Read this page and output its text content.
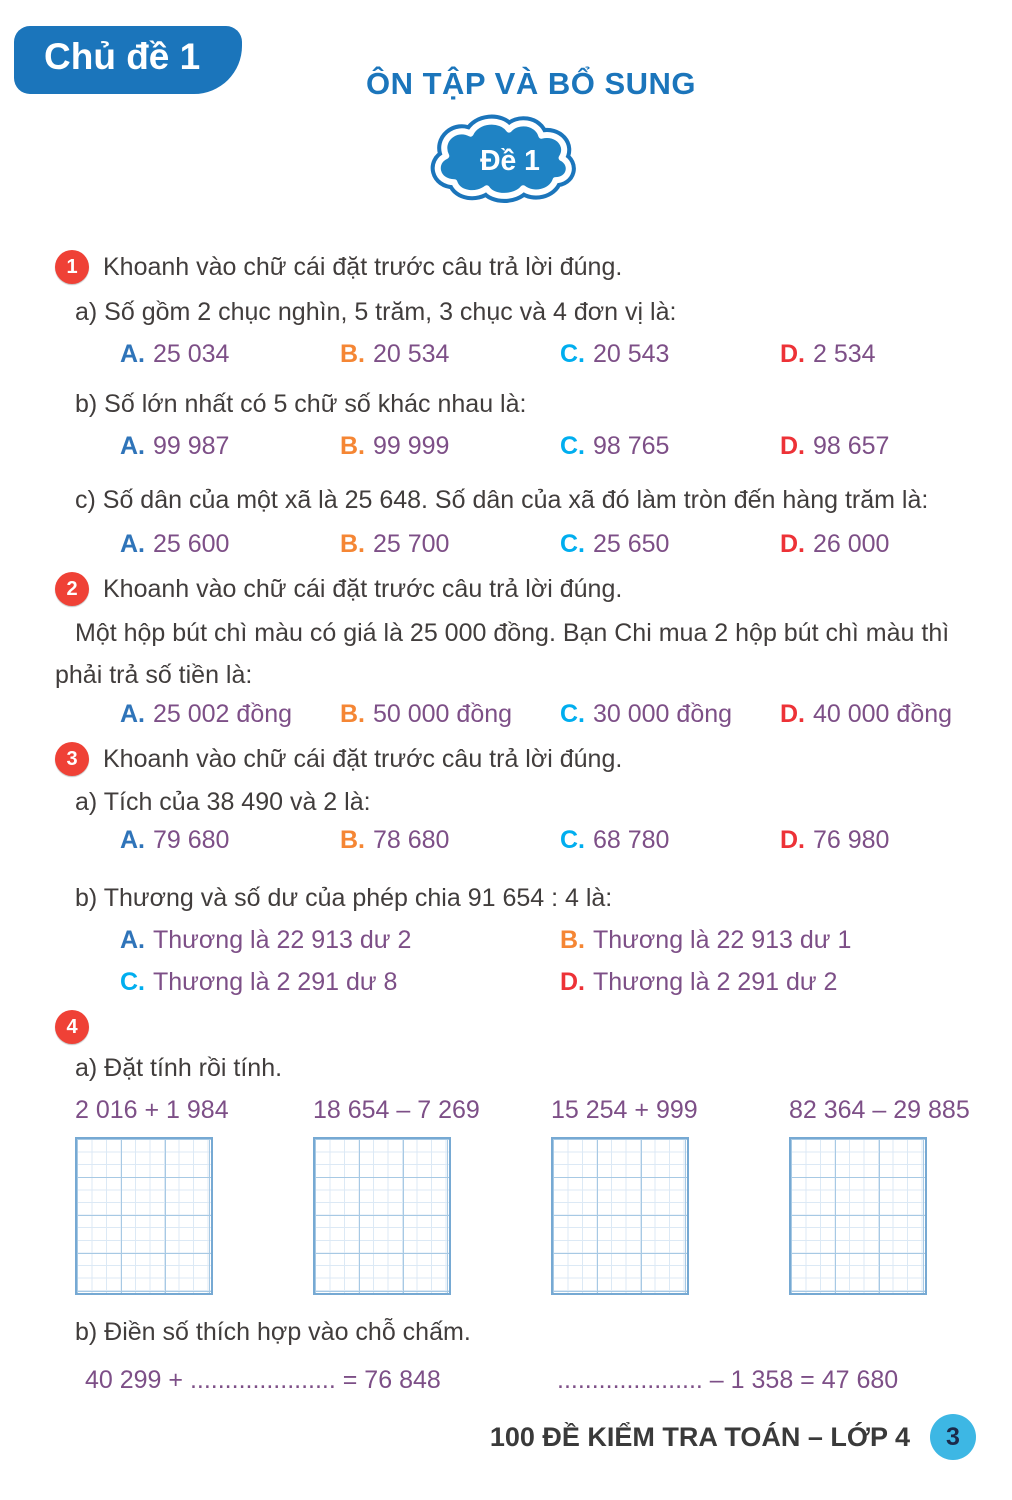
Chủ đề 1
ÔN TẬP VÀ BỔ SUNG
Đề 1
1	Khoanh vào chữ cái đặt trước câu trả lời đúng.
a) Số gồm 2 chục nghìn, 5 trăm, 3 chục và 4 đơn vị là:
A. 25 034	B. 20 534	C. 20 543	D. 2 534
b) Số lớn nhất có 5 chữ số khác nhau là:
A. 99 987	B. 99 999	C. 98 765	D. 98 657
c) Số dân của một xã là 25 648. Số dân của xã đó làm tròn đến hàng trăm là:
A. 25 600	B. 25 700	C. 25 650	D. 26 000
2	Khoanh vào chữ cái đặt trước câu trả lời đúng.
Một hộp bút chì màu có giá là 25 000 đồng. Bạn Chi mua 2 hộp bút chì màu thì phải trả số tiền là:
A. 25 002 đồng	B. 50 000 đồng	C. 30 000 đồng	D. 40 000 đồng
3	Khoanh vào chữ cái đặt trước câu trả lời đúng.
a) Tích của 38 490 và 2 là:
A. 79 680	B. 78 680	C. 68 780	D. 76 980
b) Thương và số dư của phép chia 91 654 : 4 là:
A. Thương là 22 913 dư 2	B. Thương là 22 913 dư 1
C. Thương là 2 291 dư 8	D. Thương là 2 291 dư 2
4
a) Đặt tính rồi tính.
2 016 + 1 984	18 654 – 7 269	15 254 + 999	82 364 – 29 885
b) Điền số thích hợp vào chỗ chấm.
40 299 + ..................... = 76 848	..................... – 1 358 = 47 680
100 ĐỀ KIỂM TRA TOÁN – LỚP 4	3
